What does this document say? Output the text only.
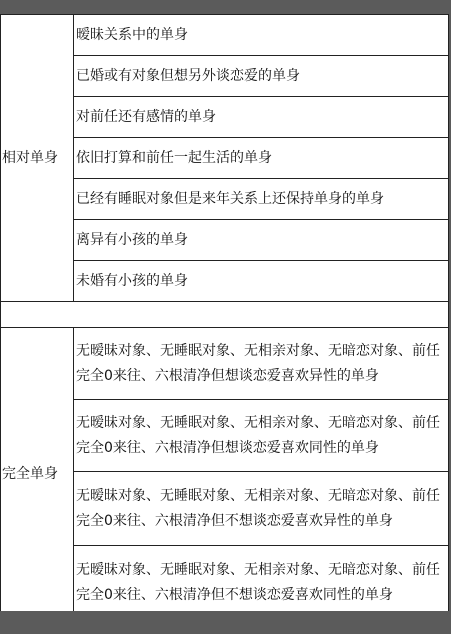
相对单身	暧昧关系中的单身
	已婚或有对象但想另外谈恋爱的单身
	对前任还有感情的单身
	依旧打算和前任一起生活的单身
	已经有睡眠对象但是来年关系上还保持单身的单身
	离异有小孩的单身
	未婚有小孩的单身

完全单身	无暧昧对象、无睡眠对象、无相亲对象、无暗恋对象、前任完全0来往、六根清净但想谈恋爱喜欢异性的单身
	无暧昧对象、无睡眠对象、无相亲对象、无暗恋对象、前任完全0来往、六根清净但想谈恋爱喜欢同性的单身
	无暧昧对象、无睡眠对象、无相亲对象、无暗恋对象、前任完全0来往、六根清净但不想谈恋爱喜欢异性的单身
	无暧昧对象、无睡眠对象、无相亲对象、无暗恋对象、前任完全0来往、六根清净但不想谈恋爱喜欢同性的单身
